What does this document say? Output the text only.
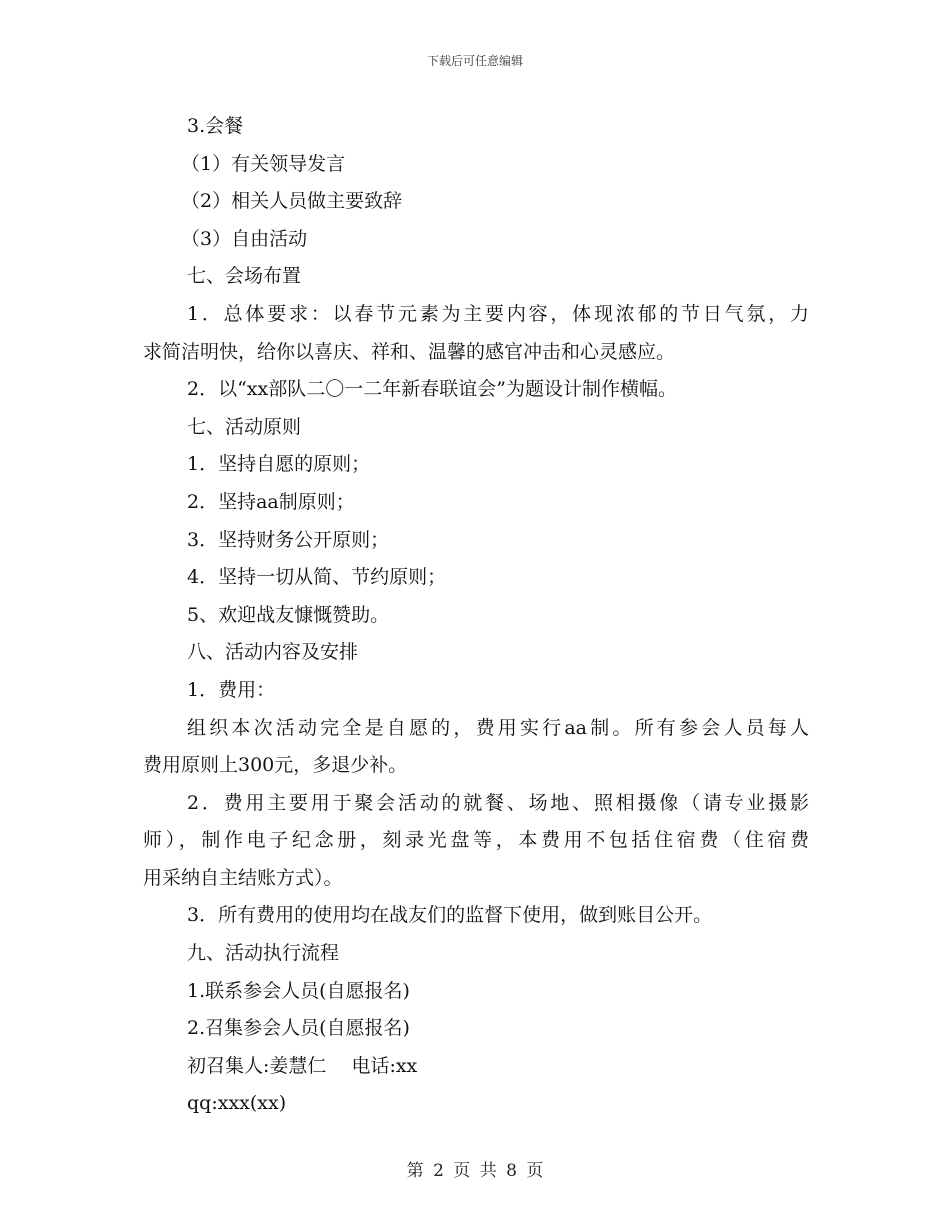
下载后可任意编辑
3.会餐
（1）有关领导发言
（2）相关人员做主要致辞
（3）自由活动
七、会场布置
1．总体要求：以春节元素为主要内容，体现浓郁的节日气氛，力
求简洁明快，给你以喜庆、祥和、温馨的感官冲击和心灵感应。
2．以“xx部队二〇一二年新春联谊会”为题设计制作横幅。
七、活动原则
1．坚持自愿的原则；
2．坚持aa制原则；
3．坚持财务公开原则；
4．坚持一切从简、节约原则；
5、欢迎战友慷慨赞助。
八、活动内容及安排
1．费用：
组织本次活动完全是自愿的，费用实行aa制。所有参会人员每人
费用原则上300元，多退少补。
2．费用主要用于聚会活动的就餐、场地、照相摄像（请专业摄影
师），制作电子纪念册，刻录光盘等，本费用不包括住宿费（住宿费
用采纳自主结账方式）。
3．所有费用的使用均在战友们的监督下使用，做到账目公开。
九、活动执行流程
1.联系参会人员(自愿报名)
2.召集参会人员(自愿报名)
初召集人:姜慧仁　 电话:xx
qq:xxx(xx)
第 2 页 共 8 页
